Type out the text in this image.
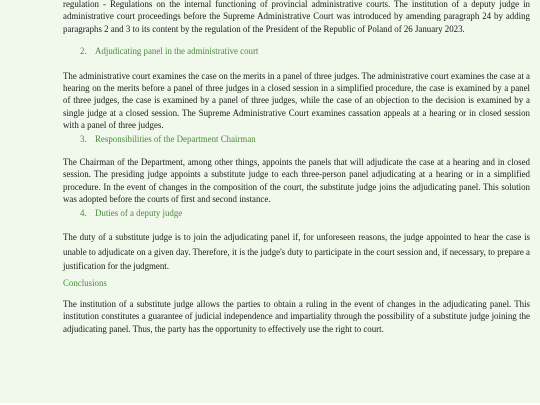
regulation - Regulations on the internal functioning of provincial administrative courts. The institution of a deputy judge in administrative court proceedings before the Supreme Administrative Court was introduced by amending paragraph 24 by adding paragraphs 2 and 3 to its content by the regulation of the President of the Republic of Poland of 26 January 2023.

2. Adjudicating panel in the administrative court

The administrative court examines the case on the merits in a panel of three judges. The administrative court examines the case at a hearing on the merits before a panel of three judges in a closed session in a simplified procedure, the case is examined by a panel of three judges, the case is examined by a panel of three judges, while the case of an objection to the decision is examined by a single judge at a closed session. The Supreme Administrative Court examines cassation appeals at a hearing or in closed session with a panel of three judges.

3. Responsibilities of the Department Chairman

The Chairman of the Department, among other things, appoints the panels that will adjudicate the case at a hearing and in closed session. The presiding judge appoints a substitute judge to each three-person panel adjudicating at a hearing or in a simplified procedure. In the event of changes in the composition of the court, the substitute judge joins the adjudicating panel. This solution was adopted before the courts of first and second instance.

4. Duties of a deputy judge

The duty of a substitute judge is to join the adjudicating panel if, for unforeseen reasons, the judge appointed to hear the case is unable to adjudicate on a given day. Therefore, it is the judge's duty to participate in the court session and, if necessary, to prepare a justification for the judgment.

Conclusions

The institution of a substitute judge allows the parties to obtain a ruling in the event of changes in the adjudicating panel. This institution constitutes a guarantee of judicial independence and impartiality through the possibility of a substitute judge joining the adjudicating panel. Thus, the party has the opportunity to effectively use the right to court.
